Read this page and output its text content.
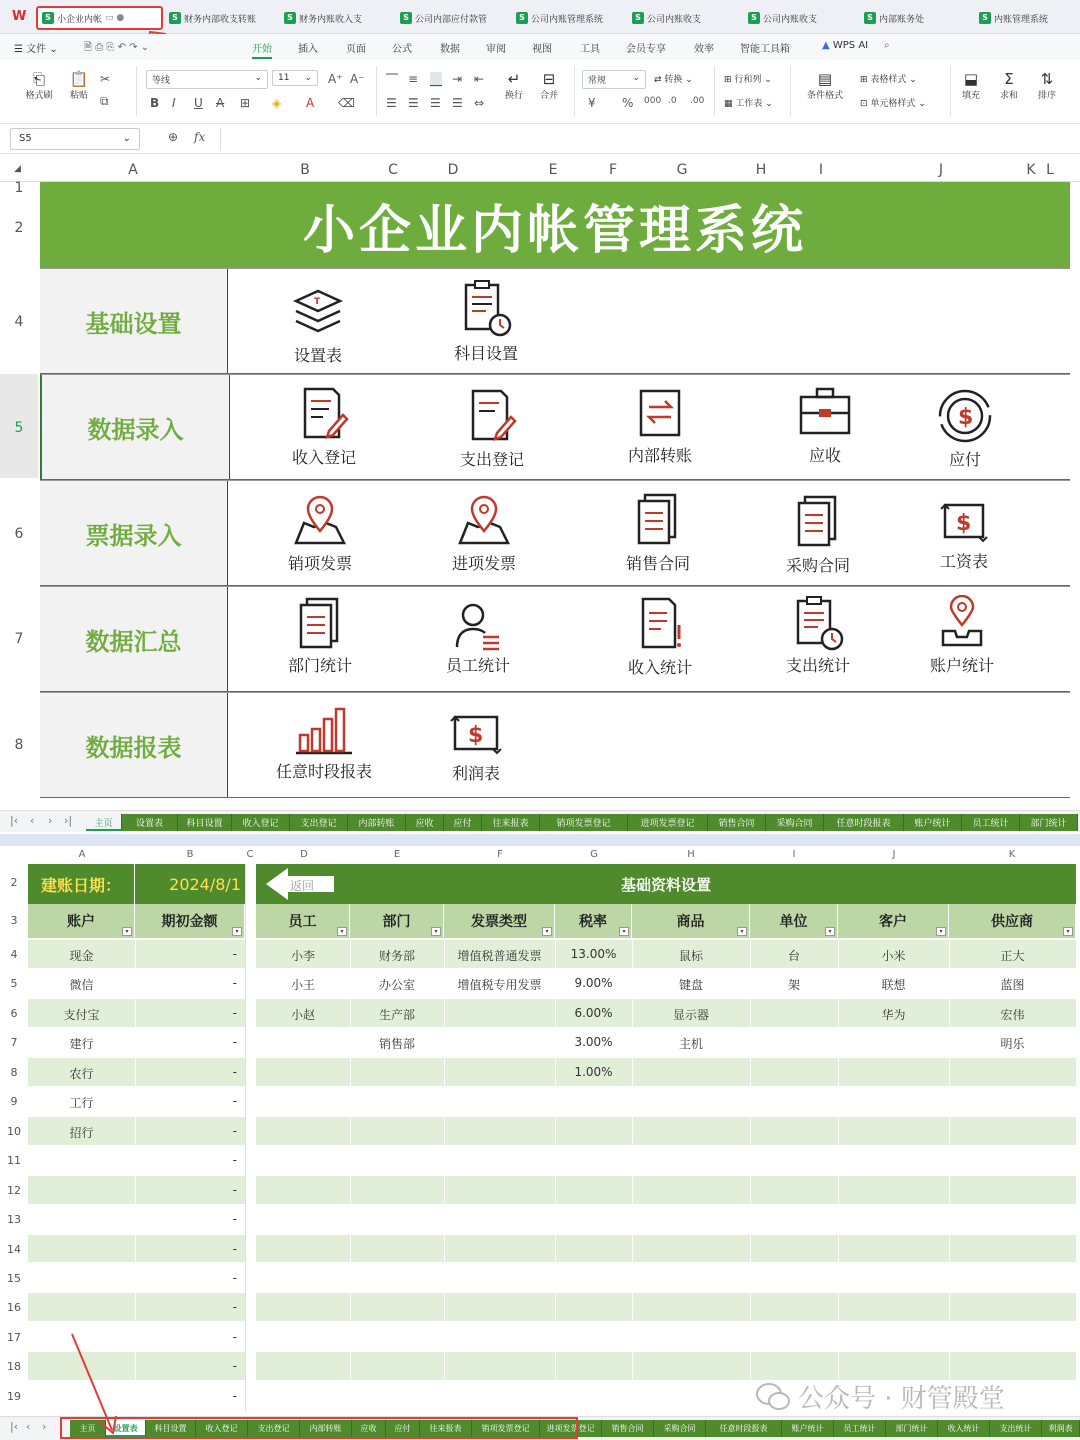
W	S 小企业内帐 ▭ ●	S 财务内部收支转账	S 财务内账收入支	S 公司内部应付款管	S 公司内账管理系统	S 公司内账收支	S 公司内账收支	S 内部账务处	S 内账管理系统
☰ 文件 ⌄	🗎 ⎙ ⎘ ↶ ↷ ⌄	开始	插入	页面	公式	数据	审阅	视图	工具	会员专享	效率	智能工具箱	▲ WPS AI ⌕
⎗
格式刷
📋
粘贴
✂
⧉
等线	⌄	11 ⌄ A⁺ A⁻
B I U A ⊞ ◈ A ⌫
⎺ ≡ ⎽ ⇥ ⇤
☰ ☰ ☰ ☰ ⇔
↵
换行
⊟
合并
常规	⌄ ⇄ 转换 ⌄
¥ % 000 .0 .00
⊞ 行和列 ⌄
▦ 工作表 ⌄
▤
条件格式
⊞ 表格样式 ⌄
⊡ 单元格样式 ⌄
⬓
填充
Σ
求和
⇅
排序
S5	⌄	⊕ fx
◢	A	B	C	D	E	F	G	H	I	J	K L
1
2
4
5
6
7
8
小企业内帐管理系统
基础设置
T
设置表	科目设置
数据录入
收入登记	支出登记	内部转账	应收
$
应付
票据录入
销项发票	进项发票	销售合同	采购合同
$
工资表
数据汇总
部门统计	员工统计	收入统计	支出统计	账户统计
数据报表
任意时段报表
$
利润表
|‹ ‹ › ›|	主页	设置表	科目设置	收入登记	支出登记	内部转账	应收	应付	往来报表	销项发票登记	进项发票登记	销售合同	采购合同	任意时段报表	账户统计	员工统计	部门统计
A	B	C	D	E	F	G	H	I	J	K
2
3
4
5
6
7
8
9
10
11
12
13
14
15
16
17
18
19
建账日期：	2024/8/1	基础资料设置
返回
账户
▾
期初金额
▾
员工
▾
部门
▾
发票类型
▾
税率
▾
商品
▾
单位
▾
客户
▾
供应商
▾
现金	-	小李	财务部	增值税普通发票	13.00%	鼠标	台	小米	正大
微信	-	小王	办公室	增值税专用发票	9.00%	键盘	架	联想	蓝图
支付宝	-	小赵	生产部	6.00%	显示器	华为	宏伟
建行	-	销售部	3.00%	主机	明乐
农行	-	1.00%
工行	-
招行	-
-
-
-
-
-
-
-
-
-
|‹ ‹ ›	主页	设置表	科目设置	收入登记	支出登记	内部转账	应收	应付	往来报表	销项发票登记	进项发票登记	销售合同	采购合同	任意时段报表	账户统计	员工统计	部门统计	收入统计	支出统计	利润表
公众号 · 财管殿堂
